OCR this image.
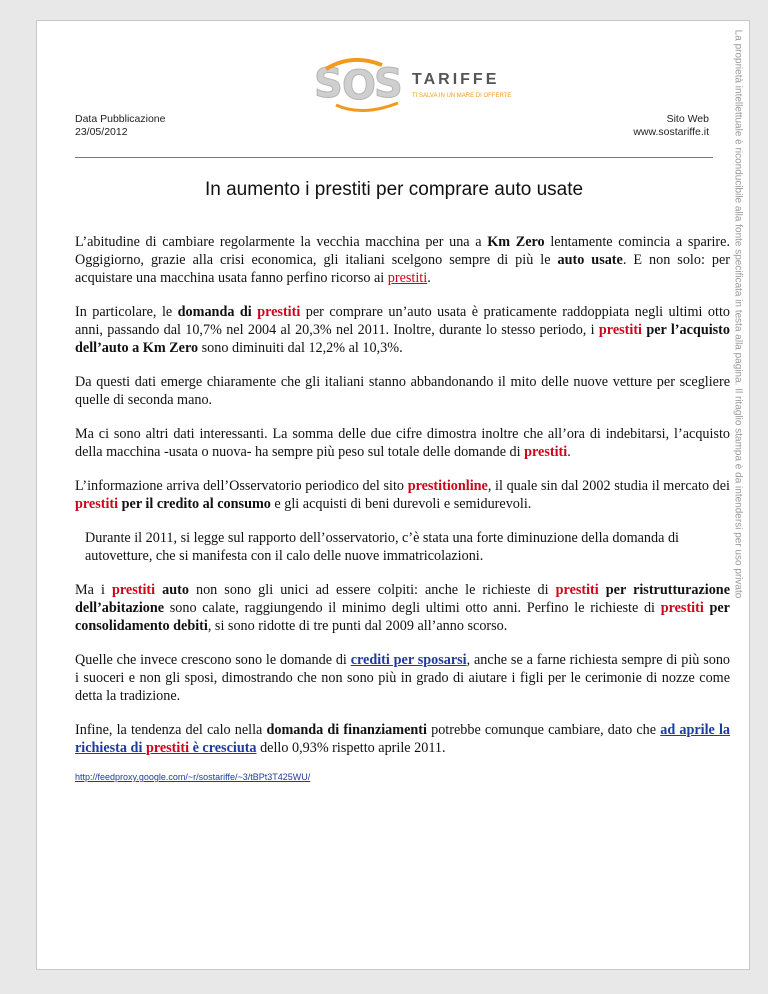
La proprietà intellettuale è riconducibile alla fonte specificata in testa alla pagina. Il ritaglio stampa è da intendersi per uso privato
S O
S TARIFFE
TI SALVA IN UN MARE DI OFFERTE
Data Pubblicazione
23/05/2012
Sito Web
www.sostariffe.it
In aumento i prestiti per comprare auto usate

L’abitudine di cambiare regolarmente la vecchia macchina per una a Km Zero lentamente comincia a sparire. Oggigiorno, grazie alla crisi economica, gli italiani scelgono sempre di più le auto usate. E non solo: per acquistare una macchina usata fanno perfino ricorso ai prestiti.

In particolare, le domanda di prestiti per comprare un’auto usata è praticamente raddoppiata negli ultimi otto anni, passando dal 10,7% nel 2004 al 20,3% nel 2011. Inoltre, durante lo stesso periodo, i prestiti per l’acquisto dell’auto a Km Zero sono diminuiti dal 12,2% al 10,3%.

Da questi dati emerge chiaramente che gli italiani stanno abbandonando il mito delle nuove vetture per scegliere quelle di seconda mano.

Ma ci sono altri dati interessanti. La somma delle due cifre dimostra inoltre che all’ora di indebitarsi, l’acquisto della macchina -usata o nuova- ha sempre più peso sul totale delle domande di prestiti.

L’informazione arriva dell’Osservatorio periodico del sito prestitionline, il quale sin dal 2002 studia il mercato dei prestiti per il credito al consumo e gli acquisti di beni durevoli e semidurevoli.

Durante il 2011, si legge sul rapporto dell’osservatorio, c’è stata una forte diminuzione della domanda di autovetture, che si manifesta con il calo delle nuove immatricolazioni.

Ma i prestiti auto non sono gli unici ad essere colpiti: anche le richieste di prestiti per ristrutturazione dell’abitazione sono calate, raggiungendo il minimo degli ultimi otto anni. Perfino le richieste di prestiti per consolidamento debiti, si sono ridotte di tre punti dal 2009 all’anno scorso.

Quelle che invece crescono sono le domande di crediti per sposarsi, anche se a farne richiesta sempre di più sono i suoceri e non gli sposi, dimostrando che non sono più in grado di aiutare i figli per le cerimonie di nozze come detta la tradizione.

Infine, la tendenza del calo nella domanda di finanziamenti potrebbe comunque cambiare, dato che ad aprile la richiesta di prestiti è cresciuta dello 0,93% rispetto aprile 2011.

http://feedproxy.google.com/~r/sostariffe/~3/tBPt3T425WU/
